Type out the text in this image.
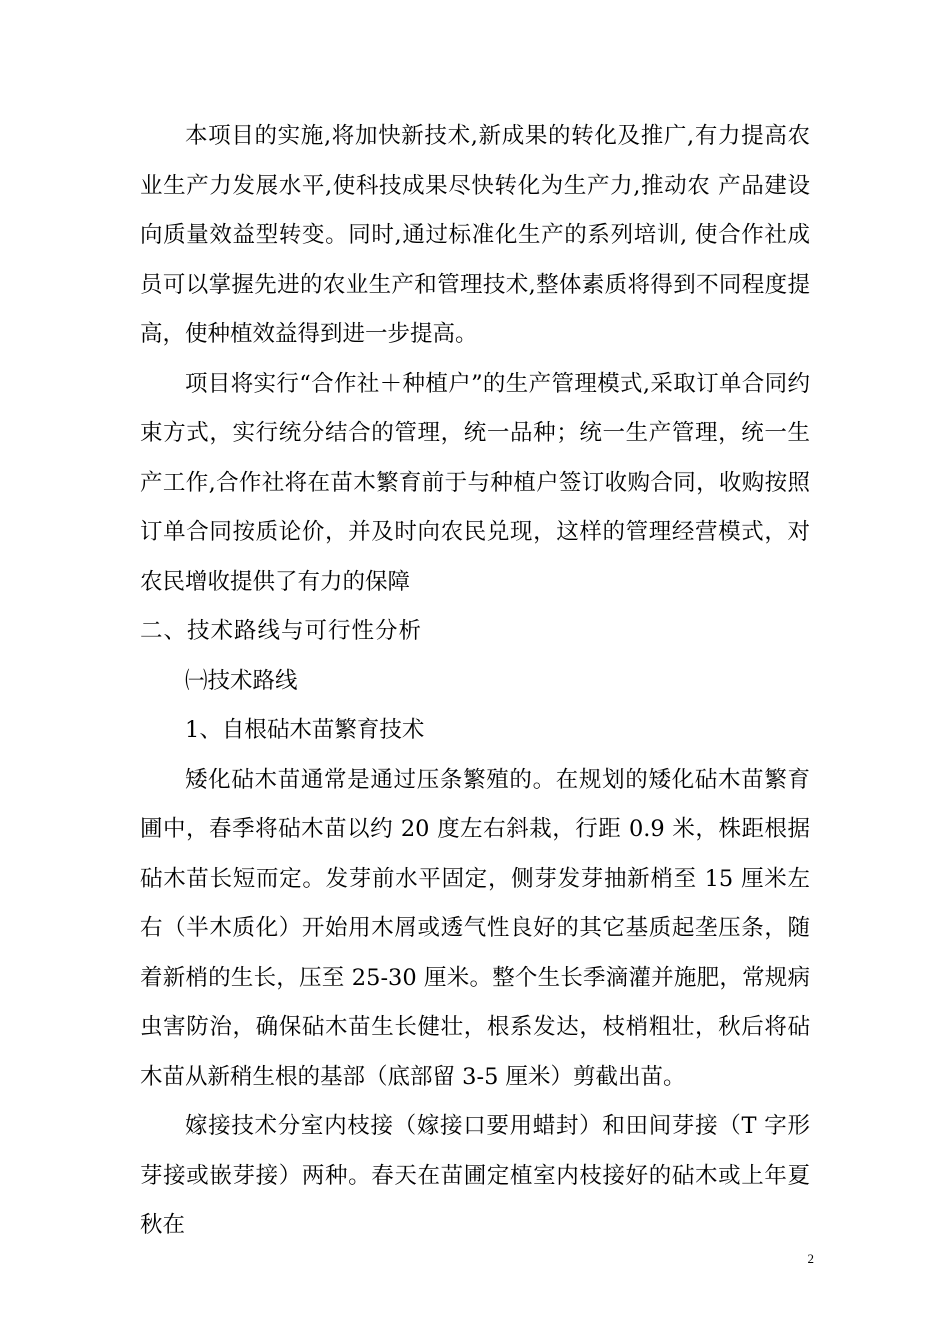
本项目的实施,将加快新技术,新成果的转化及推广,有力提高农业生产力发展水平,使科技成果尽快转化为生产力,推动农 产品建设向质量效益型转变。同时,通过标准化生产的系列培训, 使合作社成员可以掌握先进的农业生产和管理技术,整体素质将得到不同程度提高，使种植效益得到进一步提高。

项目将实行“合作社＋种植户”的生产管理模式,采取订单合同约束方式，实行统分结合的管理，统一品种；统一生产管理，统一生产工作,合作社将在苗木繁育前于与种植户签订收购合同，收购按照订单合同按质论价，并及时向农民兑现，这样的管理经营模式，对农民增收提供了有力的保障

二、技术路线与可行性分析

㈠技术路线

1、自根砧木苗繁育技术

矮化砧木苗通常是通过压条繁殖的。在规划的矮化砧木苗繁育圃中，春季将砧木苗以约 20 度左右斜栽，行距 0.9 米，株距根据砧木苗长短而定。发芽前水平固定，侧芽发芽抽新梢至 15 厘米左右（半木质化）开始用木屑或透气性良好的其它基质起垄压条，随着新梢的生长，压至 25-30 厘米。整个生长季滴灌并施肥，常规病虫害防治，确保砧木苗生长健壮，根系发达，枝梢粗壮，秋后将砧木苗从新稍生根的基部（底部留 3-5 厘米）剪截出苗。

嫁接技术分室内枝接（嫁接口要用蜡封）和田间芽接（T 字形芽接或嵌芽接）两种。春天在苗圃定植室内枝接好的砧木或上年夏秋在

2
